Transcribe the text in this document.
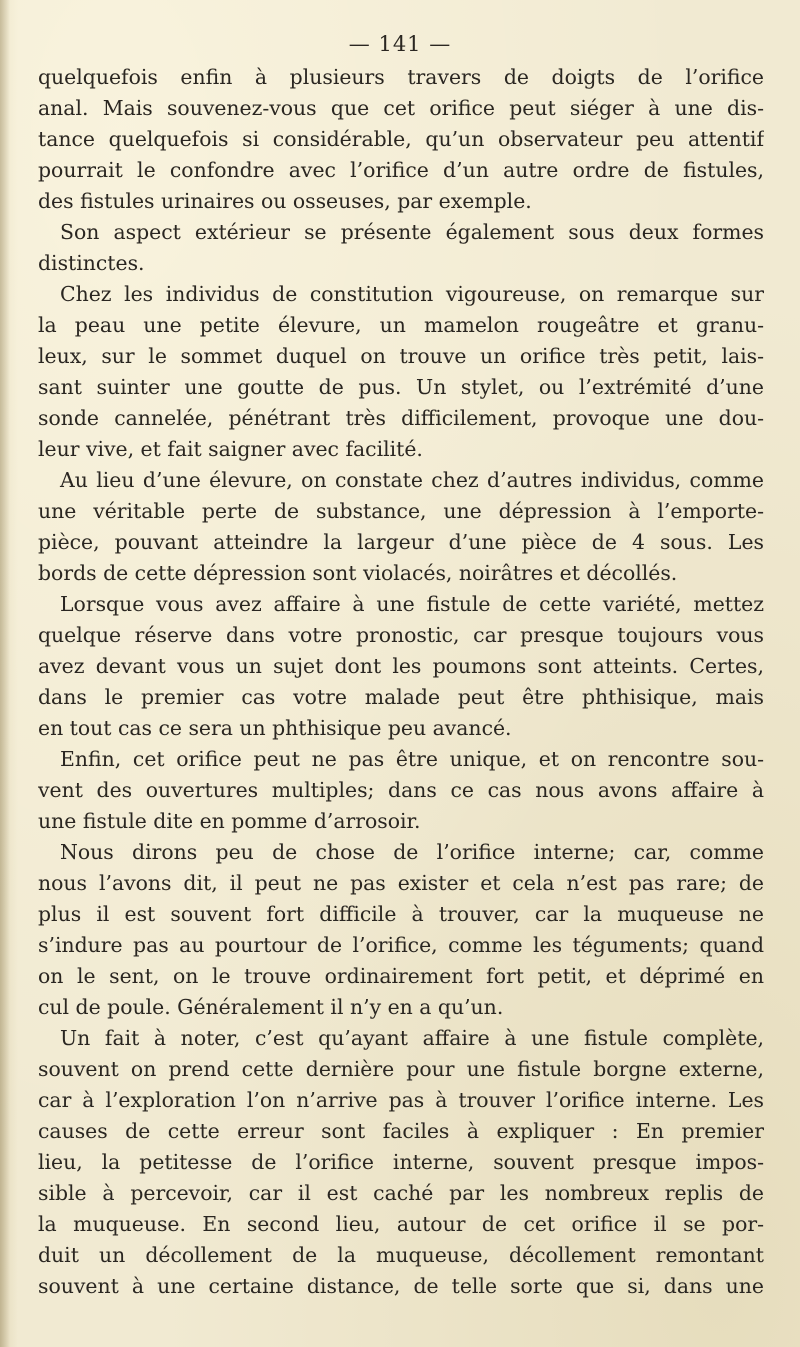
— 141 —
quelquefois enfin à plusieurs travers de doigts de l’orifice
anal. Mais souvenez-vous que cet orifice peut siéger à une dis-
tance quelquefois si considérable, qu’un observateur peu attentif
pourrait le confondre avec l’orifice d’un autre ordre de fistules,
des fistules urinaires ou osseuses, par exemple.
Son aspect extérieur se présente également sous deux formes
distinctes.
Chez les individus de constitution vigoureuse, on remarque sur
la peau une petite élevure, un mamelon rougeâtre et granu-
leux, sur le sommet duquel on trouve un orifice très petit, lais-
sant suinter une goutte de pus. Un stylet, ou l’extrémité d’une
sonde cannelée, pénétrant très difficilement, provoque une dou-
leur vive, et fait saigner avec facilité.
Au lieu d’une élevure, on constate chez d’autres individus, comme
une véritable perte de substance, une dépression à l’emporte-
pièce, pouvant atteindre la largeur d’une pièce de 4 sous. Les
bords de cette dépression sont violacés, noirâtres et décollés.
Lorsque vous avez affaire à une fistule de cette variété, mettez
quelque réserve dans votre pronostic, car presque toujours vous
avez devant vous un sujet dont les poumons sont atteints. Certes,
dans le premier cas votre malade peut être phthisique, mais
en tout cas ce sera un phthisique peu avancé.
Enfin, cet orifice peut ne pas être unique, et on rencontre sou-
vent des ouvertures multiples; dans ce cas nous avons affaire à
une fistule dite en pomme d’arrosoir.
Nous dirons peu de chose de l’orifice interne; car, comme
nous l’avons dit, il peut ne pas exister et cela n’est pas rare; de
plus il est souvent fort difficile à trouver, car la muqueuse ne
s’indure pas au pourtour de l’orifice, comme les téguments; quand
on le sent, on le trouve ordinairement fort petit, et déprimé en
cul de poule. Généralement il n’y en a qu’un.
Un fait à noter, c’est qu’ayant affaire à une fistule complète,
souvent on prend cette dernière pour une fistule borgne externe,
car à l’exploration l’on n’arrive pas à trouver l’orifice interne. Les
causes de cette erreur sont faciles à expliquer : En premier
lieu, la petitesse de l’orifice interne, souvent presque impos-
sible à percevoir, car il est caché par les nombreux replis de
la muqueuse. En second lieu, autour de cet orifice il se por-
duit un décollement de la muqueuse, décollement remontant
souvent à une certaine distance, de telle sorte que si, dans une
